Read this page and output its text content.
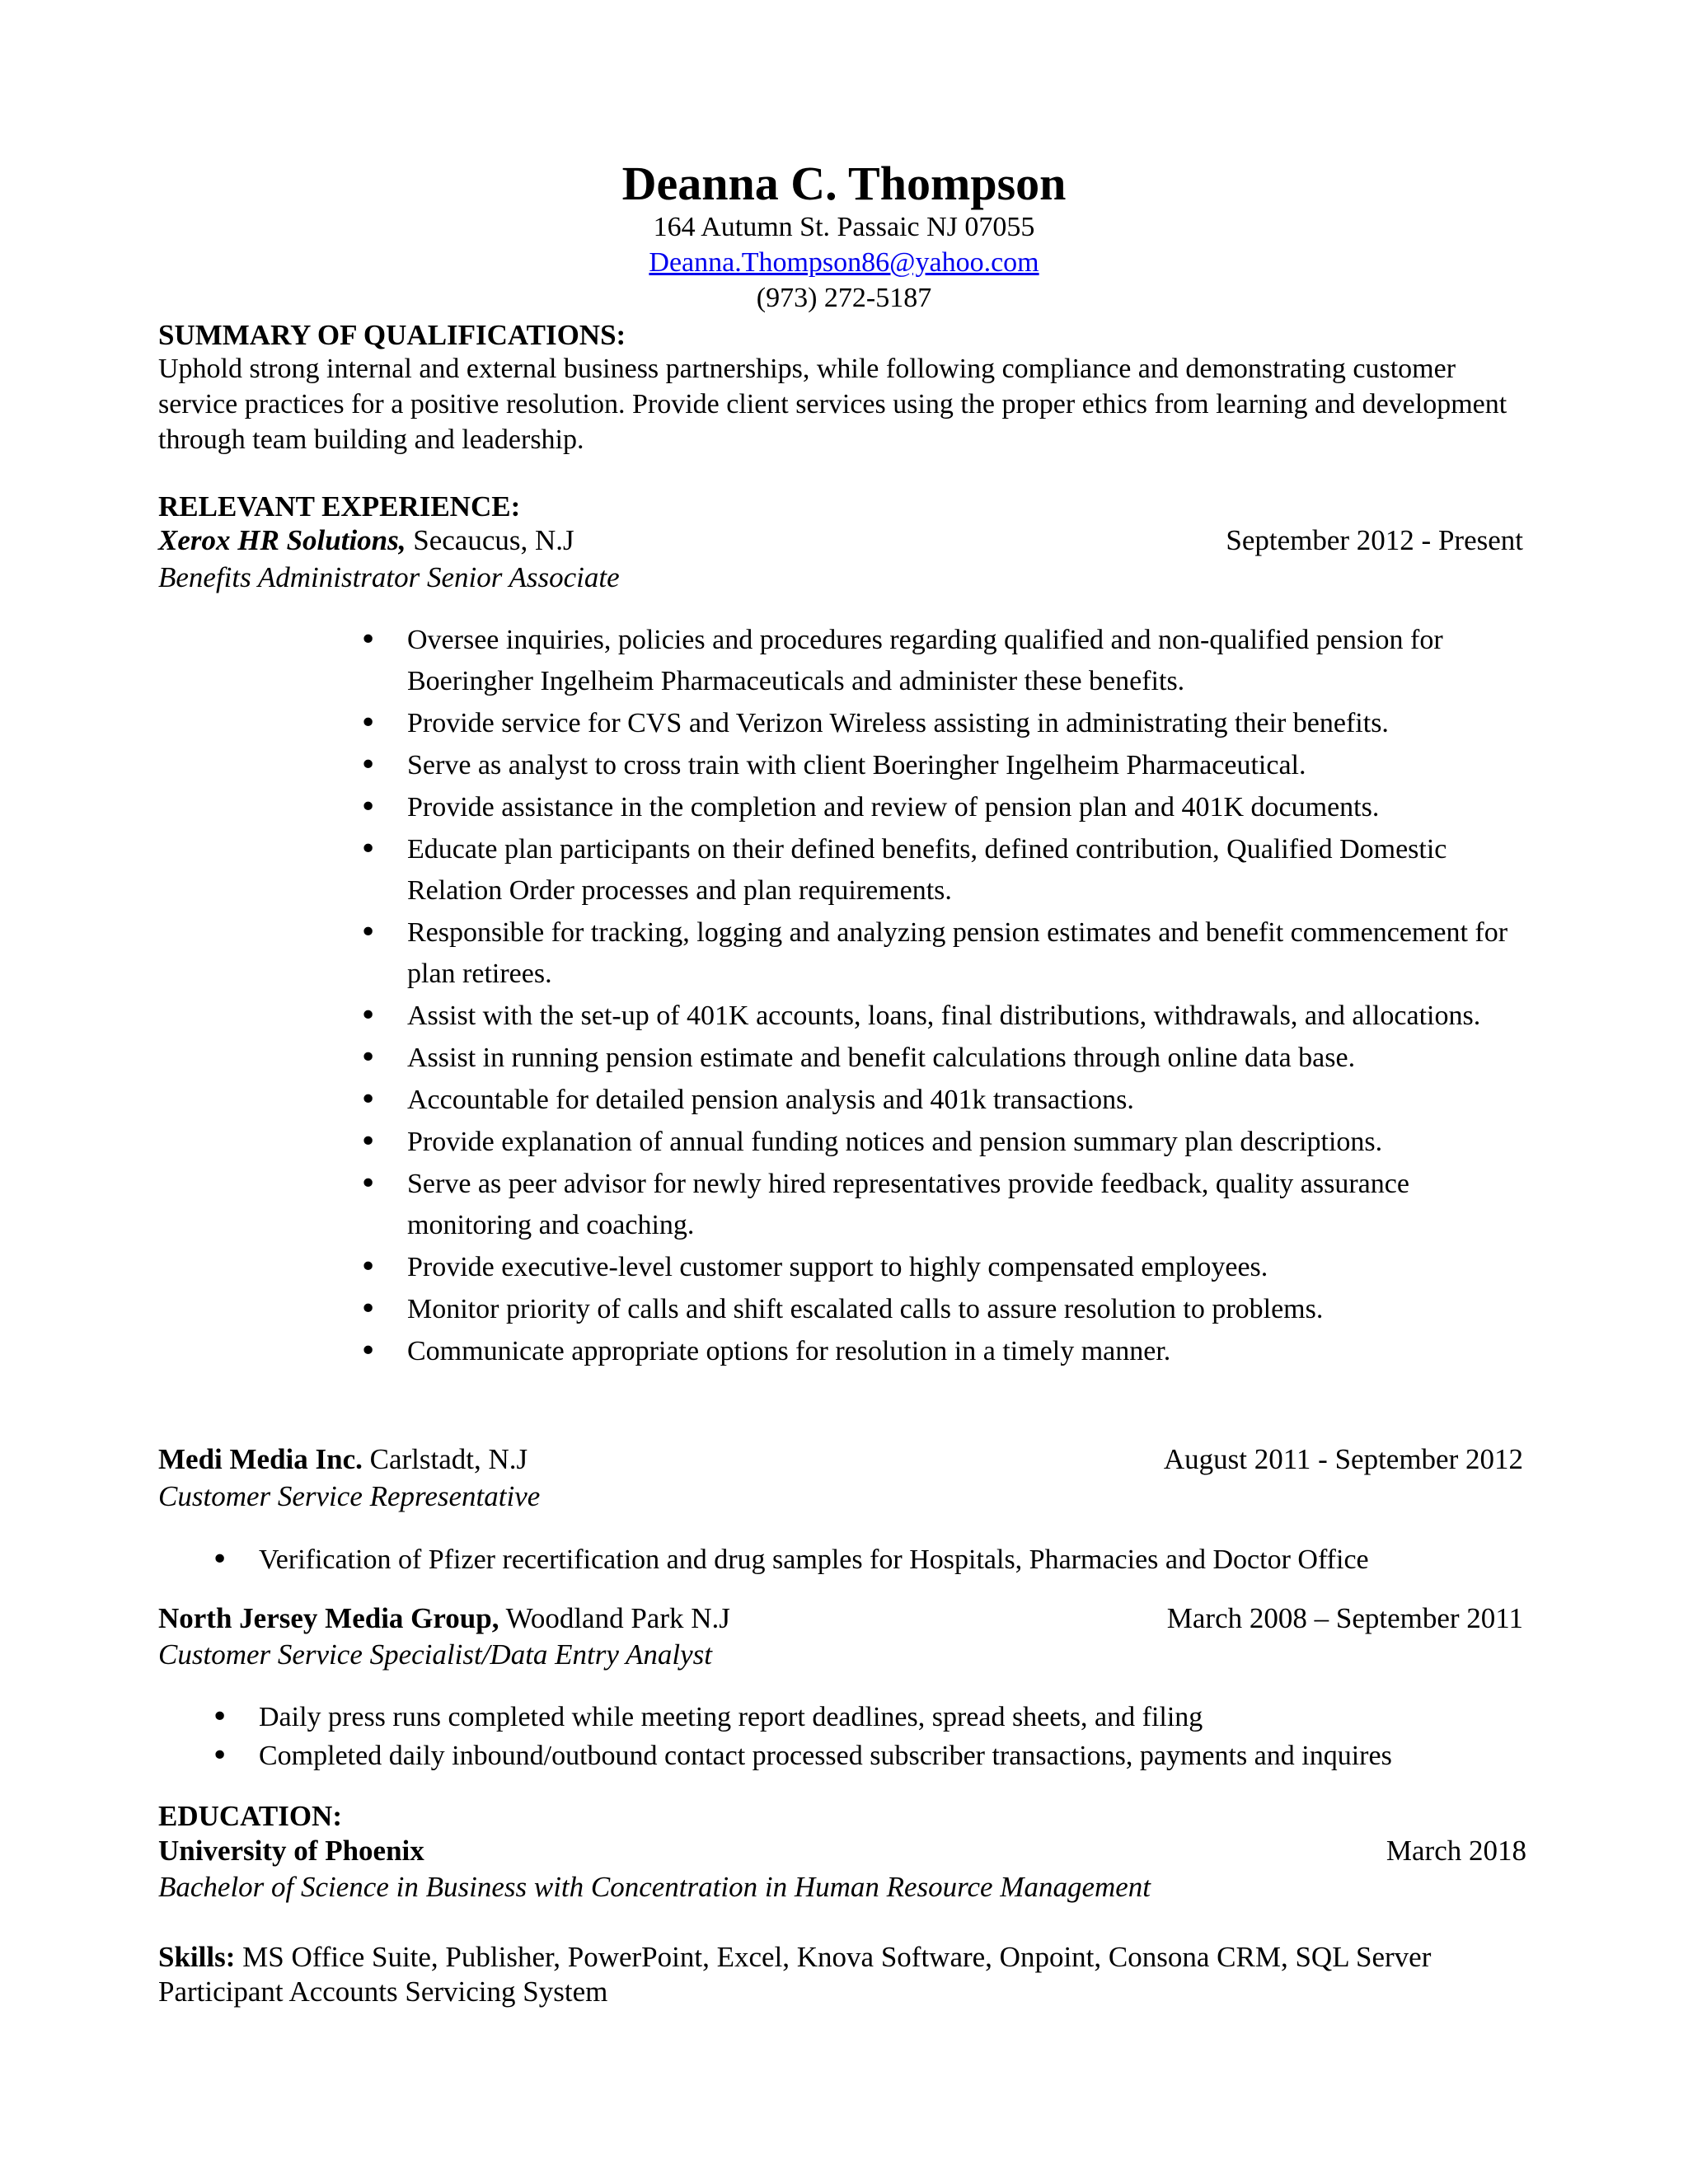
Deanna C. Thompson
164 Autumn St. Passaic NJ 07055
Deanna.Thompson86@yahoo.com
(973) 272-5187
SUMMARY OF QUALIFICATIONS:
Uphold strong internal and external business partnerships, while following compliance and demonstrating customer service practices for a positive resolution. Provide client services using the proper ethics from learning and development through team building and leadership.
RELEVANT EXPERIENCE:
Xerox HR Solutions, Secaucus, N.J	September 2012 - Present
Benefits Administrator Senior Associate
• Oversee inquiries, policies and procedures regarding qualified and non-qualified pension for Boeringher Ingelheim Pharmaceuticals and administer these benefits.
• Provide service for CVS and Verizon Wireless assisting in administrating their benefits.
• Serve as analyst to cross train with client Boeringher Ingelheim Pharmaceutical.
• Provide assistance in the completion and review of pension plan and 401K documents.
• Educate plan participants on their defined benefits, defined contribution, Qualified Domestic Relation Order processes and plan requirements.
• Responsible for tracking, logging and analyzing pension estimates and benefit commencement for plan retirees.
• Assist with the set-up of 401K accounts, loans, final distributions, withdrawals, and allocations.
• Assist in running pension estimate and benefit calculations through online data base.
• Accountable for detailed pension analysis and 401k transactions.
• Provide explanation of annual funding notices and pension summary plan descriptions.
• Serve as peer advisor for newly hired representatives provide feedback, quality assurance monitoring and coaching.
• Provide executive-level customer support to highly compensated employees.
• Monitor priority of calls and shift escalated calls to assure resolution to problems.
• Communicate appropriate options for resolution in a timely manner.
Medi Media Inc. Carlstadt, N.J	August 2011 - September 2012
Customer Service Representative
• Verification of Pfizer recertification and drug samples for Hospitals, Pharmacies and Doctor Office
North Jersey Media Group, Woodland Park N.J	March 2008 – September 2011
Customer Service Specialist/Data Entry Analyst
• Daily press runs completed while meeting report deadlines, spread sheets, and filing
• Completed daily inbound/outbound contact processed subscriber transactions, payments and inquires
EDUCATION:
University of Phoenix	March 2018
Bachelor of Science in Business with Concentration in Human Resource Management
Skills: MS Office Suite, Publisher, PowerPoint, Excel, Knova Software, Onpoint, Consona CRM, SQL Server
Participant Accounts Servicing System
